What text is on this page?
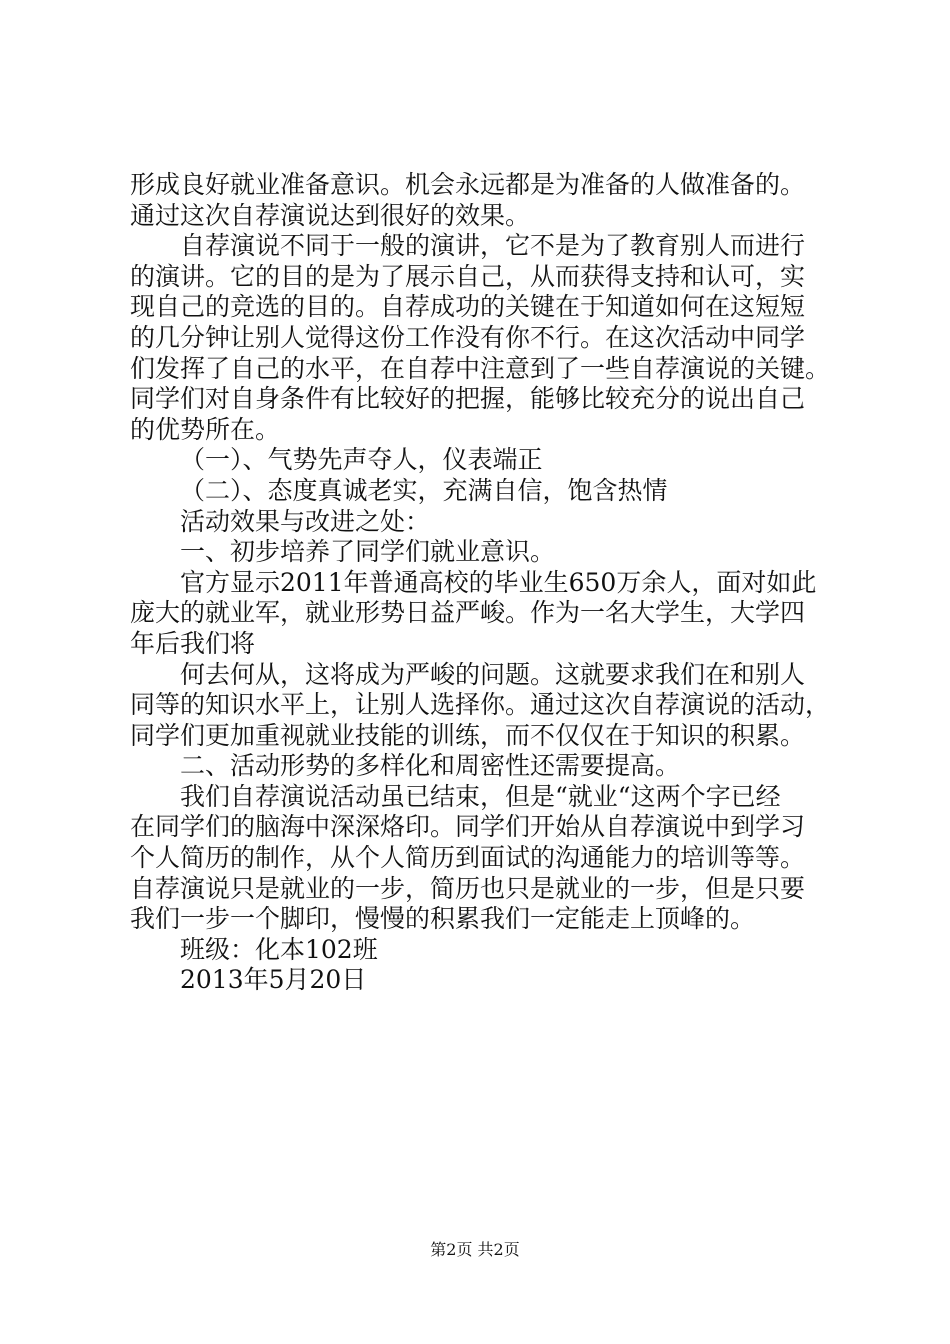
形成良好就业准备意识。机会永远都是为准备的人做准备的。
通过这次自荐演说达到很好的效果。
自荐演说不同于一般的演讲，它不是为了教育别人而进行
的演讲。它的目的是为了展示自己，从而获得支持和认可，实
现自己的竞选的目的。自荐成功的关键在于知道如何在这短短
的几分钟让别人觉得这份工作没有你不行。在这次活动中同学
们发挥了自己的水平，在自荐中注意到了一些自荐演说的关键。
同学们对自身条件有比较好的把握，能够比较充分的说出自己
的优势所在。
（一）、气势先声夺人，仪表端正
（二）、态度真诚老实，充满自信，饱含热情
活动效果与改进之处：
一、初步培养了同学们就业意识。
官方显示2011年普通高校的毕业生650万余人，面对如此
庞大的就业军，就业形势日益严峻。作为一名大学生，大学四
年后我们将
何去何从，这将成为严峻的问题。这就要求我们在和别人
同等的知识水平上，让别人选择你。通过这次自荐演说的活动，
同学们更加重视就业技能的训练，而不仅仅在于知识的积累。
二、活动形势的多样化和周密性还需要提高。
我们自荐演说活动虽已结束，但是“就业“这两个字已经
在同学们的脑海中深深烙印。同学们开始从自荐演说中到学习
个人简历的制作，从个人简历到面试的沟通能力的培训等等。
自荐演说只是就业的一步，简历也只是就业的一步，但是只要
我们一步一个脚印，慢慢的积累我们一定能走上顶峰的。
班级：化本102班
2013年5月20日
第2页 共2页
